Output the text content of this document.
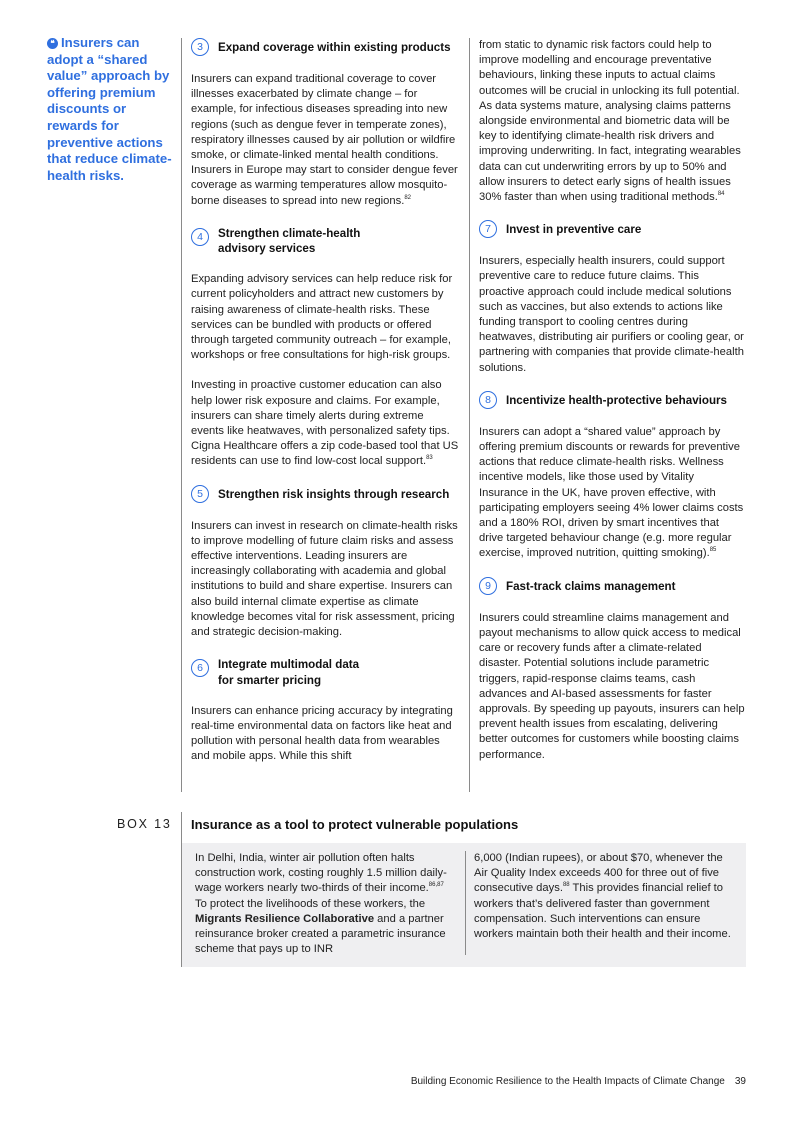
❝ Insurers can adopt a “shared value” approach by offering premium discounts or rewards for preventive actions that reduce climate-health risks.
3	Expand coverage within existing products

Insurers can expand traditional coverage to cover illnesses exacerbated by climate change – for example, for infectious diseases spreading into new regions (such as dengue fever in temperate zones), respiratory illnesses caused by air pollution or wildfire smoke, or climate-linked mental health conditions. Insurers in Europe may start to consider dengue fever coverage as warming temperatures allow mosquito-borne diseases to spread into new regions.$^{82}$

4	Strengthen climate-health
advisory services

Expanding advisory services can help reduce risk for current policyholders and attract new customers by raising awareness of climate-health risks. These services can be bundled with products or offered through targeted community outreach – for example, workshops or free consultations for high-risk groups.

Investing in proactive customer education can also help lower risk exposure and claims. For example, insurers can share timely alerts during extreme events like heatwaves, with personalized safety tips. Cigna Healthcare offers a zip code-based tool that US residents can use to find low-cost local support.$^{83}$

5	Strengthen risk insights through research

Insurers can invest in research on climate-health risks to improve modelling of future claim risks and assess effective interventions. Leading insurers are increasingly collaborating with academia and global institutions to build and share expertise. Insurers can also build internal climate expertise as climate knowledge becomes vital for risk assessment, pricing and strategic decision-making.

6	Integrate multimodal data
for smarter pricing

Insurers can enhance pricing accuracy by integrating real-time environmental data on factors like heat and pollution with personal health data from wearables and mobile apps. While this shift

from static to dynamic risk factors could help to improve modelling and encourage preventative behaviours, linking these inputs to actual claims outcomes will be crucial in unlocking its full potential. As data systems mature, analysing claims patterns alongside environmental and biometric data will be key to identifying climate-health risk drivers and improving underwriting. In fact, integrating wearables data can cut underwriting errors by up to 50% and allow insurers to detect early signs of health issues 30% faster than when using traditional methods.$^{84}$

7	Invest in preventive care

Insurers, especially health insurers, could support preventive care to reduce future claims. This proactive approach could include medical solutions such as vaccines, but also extends to actions like funding transport to cooling centres during heatwaves, distributing air purifiers or cooling gear, or partnering with companies that provide climate-health solutions.

8	Incentivize health-protective behaviours

Insurers can adopt a “shared value” approach by offering premium discounts or rewards for preventive actions that reduce climate-health risks. Wellness incentive models, like those used by Vitality Insurance in the UK, have proven effective, with participating employers seeing 4% lower claims costs and a 180% ROI, driven by smart incentives that drive targeted behaviour change (e.g. more regular exercise, improved nutrition, quitting smoking).$^{85}$

9	Fast-track claims management

Insurers could streamline claims management and payout mechanisms to allow quick access to medical care or recovery funds after a climate-related disaster. Potential solutions include parametric triggers, rapid-response claims teams, cash advances and AI-based assessments for faster approvals. By speeding up payouts, insurers can help prevent health issues from escalating, delivering better outcomes for customers while boosting claims performance.

BOX 13 Insurance as a tool to protect vulnerable populations

In Delhi, India, winter air pollution often halts construction work, costing roughly 1.5 million daily-wage workers nearly two-thirds of their income.$^{86,87}$ To protect the livelihoods of these workers, the Migrants Resilience Collaborative and a partner reinsurance broker created a parametric insurance scheme that pays up to INR

6,000 (Indian rupees), or about $70, whenever the Air Quality Index exceeds 400 for three out of five consecutive days.$^{88}$ This provides financial relief to workers that’s delivered faster than government compensation. Such interventions can ensure workers maintain both their health and their income.

Building Economic Resilience to the Health Impacts of Climate Change 39
